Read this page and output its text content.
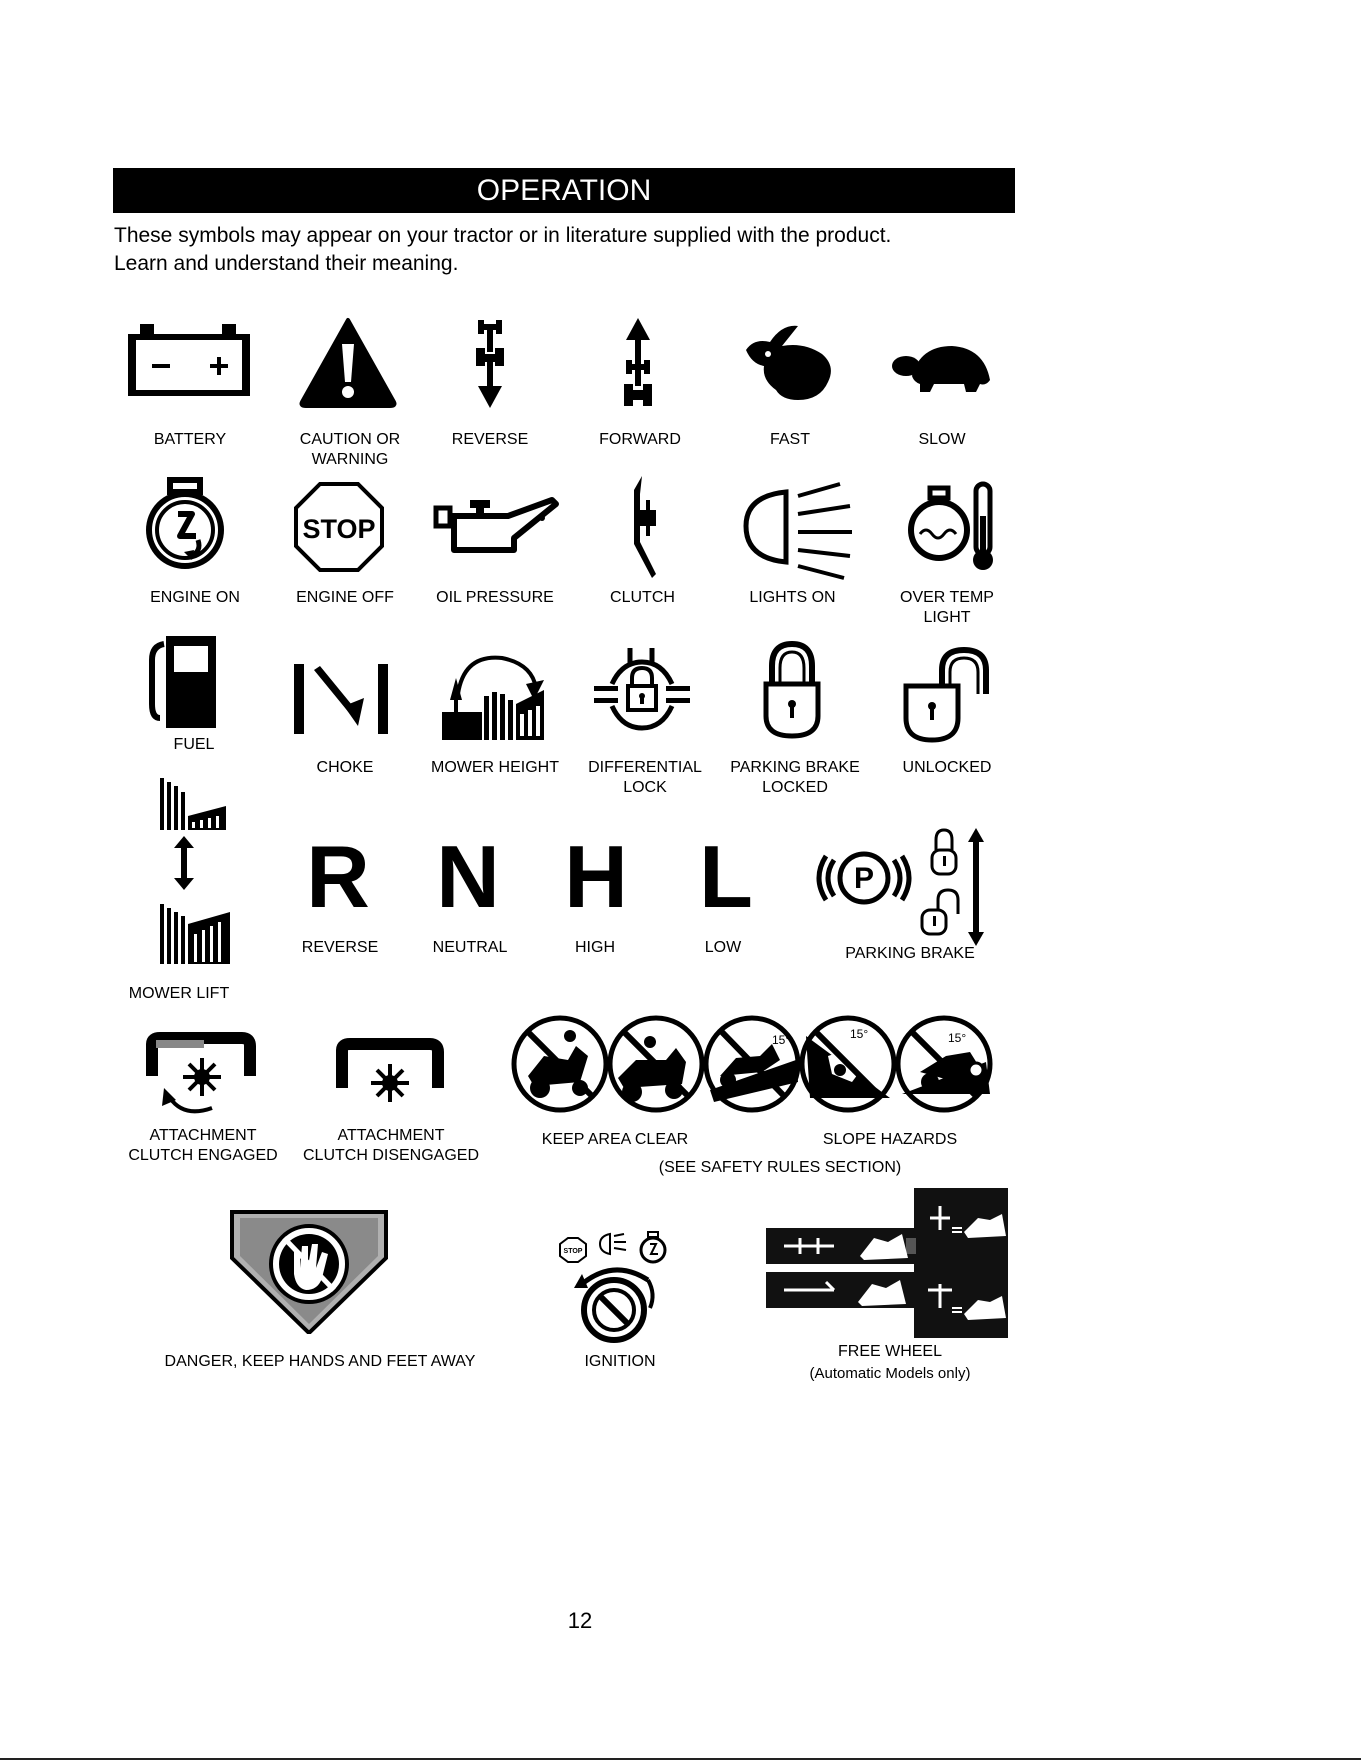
OPERATION
These symbols may appear on your tractor or in literature supplied with the product.
Learn and understand their meaning.
BATTERY	CAUTION OR
WARNING
REVERSE	FORWARD	FAST	SLOW
STOP
ENGINE ON	ENGINE OFF	OIL PRESSURE	CLUTCH	LIGHTS ON	OVER TEMP
LIGHT
FUEL
CHOKE	MOWER HEIGHT	DIFFERENTIAL
LOCK
PARKING BRAKE
LOCKED
UNLOCKED
MOWER LIFT
R N H L	P
REVERSE	NEUTRAL	HIGH	LOW	PARKING BRAKE
ATTACHMENT
CLUTCH ENGAGED
ATTACHMENT
CLUTCH DISENGAGED
15°	15°	15°
KEEP AREA CLEAR	SLOPE HAZARDS
(SEE SAFETY RULES SECTION)
DANGER, KEEP HANDS AND FEET AWAY
STOP
IGNITION
FREE WHEEL
(Automatic Models only)
12
